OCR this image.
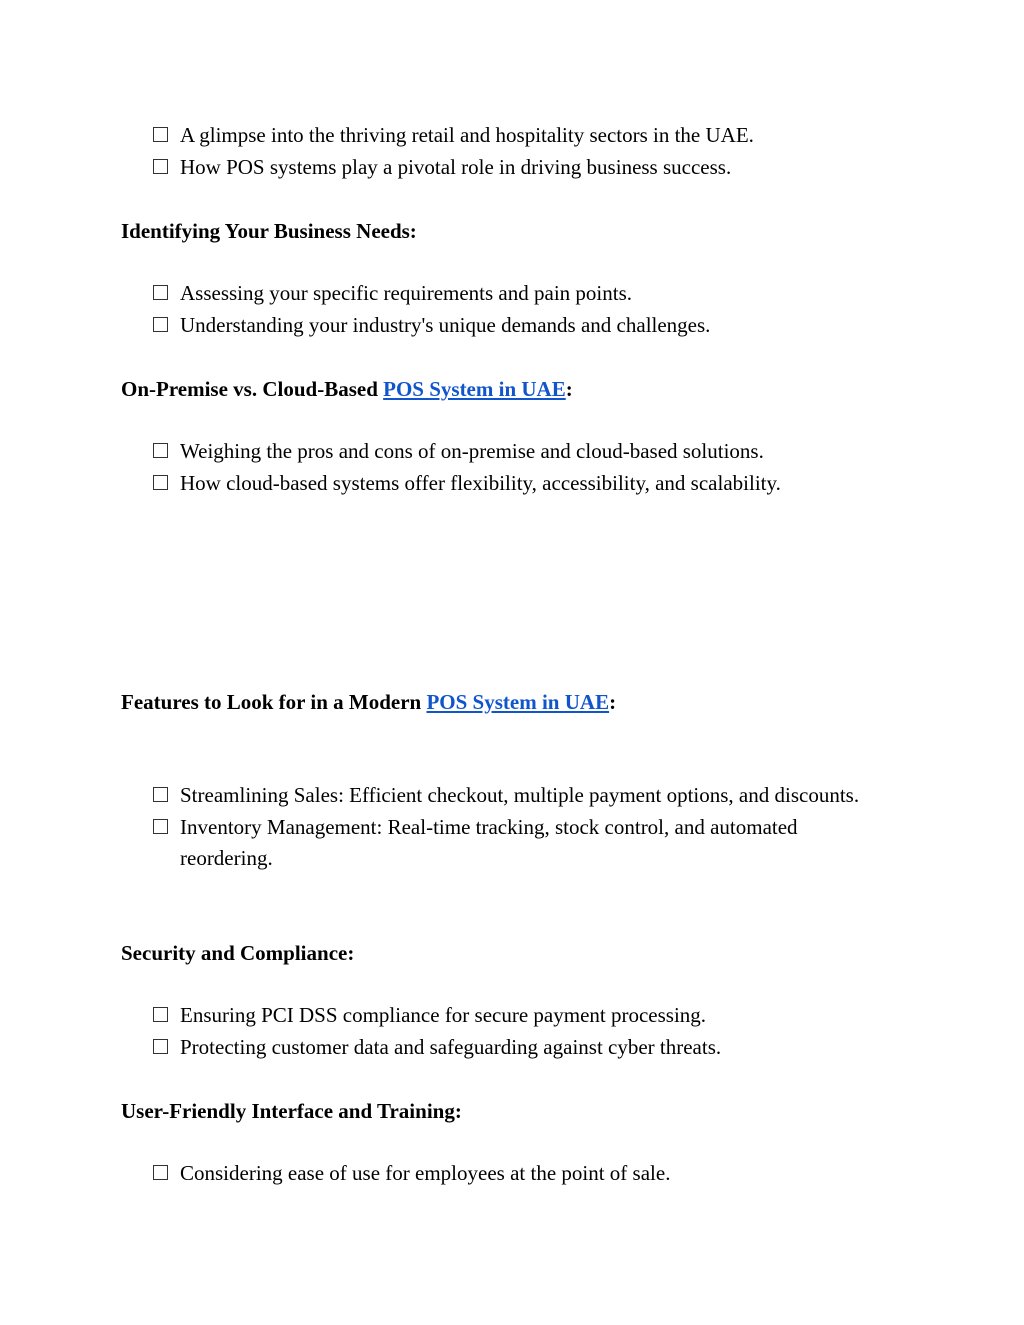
A glimpse into the thriving retail and hospitality sectors in the UAE.
How POS systems play a pivotal role in driving business success.
Identifying Your Business Needs:
Assessing your specific requirements and pain points.
Understanding your industry's unique demands and challenges.
On-Premise vs. Cloud-Based POS System in UAE:
Weighing the pros and cons of on-premise and cloud-based solutions.
How cloud-based systems offer flexibility, accessibility, and scalability.
Features to Look for in a Modern POS System in UAE:
Streamlining Sales: Efficient checkout, multiple payment options, and discounts.
Inventory Management: Real-time tracking, stock control, and automated reordering.
Security and Compliance:
Ensuring PCI DSS compliance for secure payment processing.
Protecting customer data and safeguarding against cyber threats.
User-Friendly Interface and Training:
Considering ease of use for employees at the point of sale.
